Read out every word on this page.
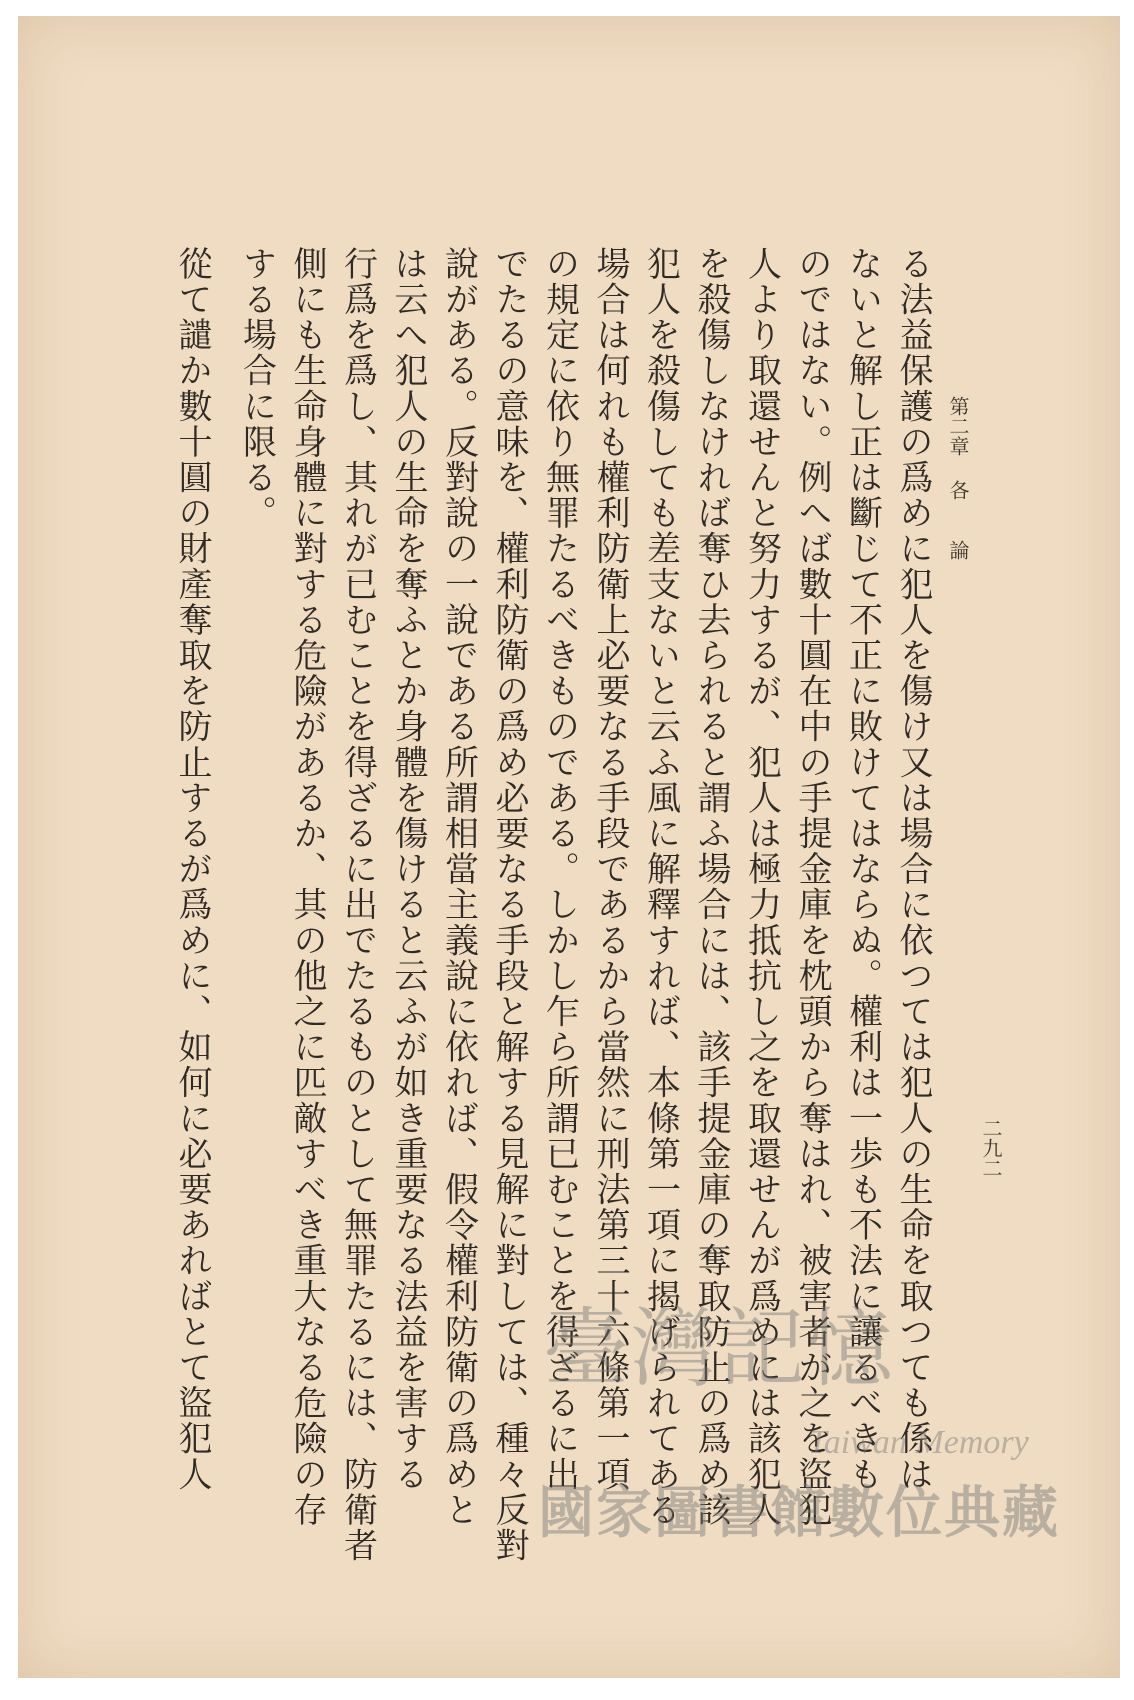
二九二
第二章 各　　論
る法益保護の爲めに犯人を傷け又は場合に依つては犯人の生命を取つても係は
ないと解し正は斷じて不正に敗けてはならぬ。權利は一歩も不法に讓るべきも
のではない。例へば數十圓在中の手提金庫を枕頭から奪はれ、被害者が之を盜犯
人より取還せんと努力するが、犯人は極力抵抗し之を取還せんが爲めには該犯人
を殺傷しなければ奪ひ去られると謂ふ場合には、該手提金庫の奪取防止の爲め該
犯人を殺傷しても差支ないと云ふ風に解釋すれば、本條第一項に揭げられてある
場合は何れも權利防衛上必要なる手段であるから當然に刑法第三十六條第一項
の規定に依り無罪たるべきものである。しかし乍ら所謂已むことを得ざるに出
でたるの意味を、權利防衛の爲め必要なる手段と解する見解に對しては、種々反對
說がある。反對說の一說である所謂相當主義說に依れば、假令權利防衛の爲めと
は云へ犯人の生命を奪ふとか身體を傷けると云ふが如き重要なる法益を害する
行爲を爲し、其れが已むことを得ざるに出でたるものとして無罪たるには、防衛者
側にも生命身體に對する危險があるか、其の他之に匹敵すべき重大なる危險の存
する場合に限る。
從て譴か數十圓の財產奪取を防止するが爲めに、如何に必要あればとて盜犯人	臺灣記憶
Taiwan Memory
國家圖書館數位典藏
